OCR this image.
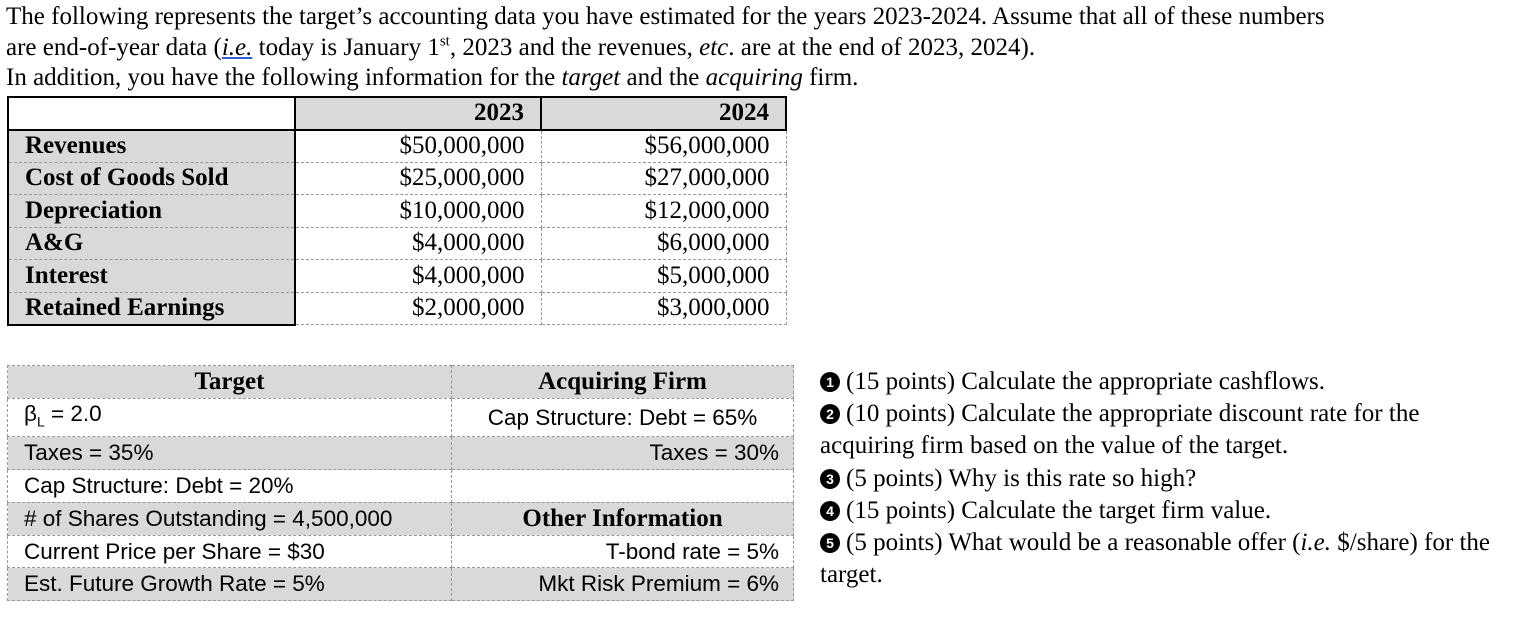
The following represents the target’s accounting data you have estimated for the years 2023-2024. Assume that all of these numbers
are end-of-year data (i.e. today is January 1st, 2023 and the revenues, etc. are at the end of 2023, 2024).
In addition, you have the following information for the target and the acquiring firm.
	2023	2024
Revenues	$50,000,000	$56,000,000
Cost of Goods Sold	$25,000,000	$27,000,000
Depreciation	$10,000,000	$12,000,000
A&G	$4,000,000	$6,000,000
Interest	$4,000,000	$5,000,000
Retained Earnings	$2,000,000	$3,000,000
Target	Acquiring Firm
$\beta_L = 2.0$	Cap Structure: Debt = 65%
Taxes = 35%	Taxes = 30%
Cap Structure: Debt = 20%	
# of Shares Outstanding = 4,500,000	Other Information
Current Price per Share = $30	T-bond rate = 5%
Est. Future Growth Rate = 5%	Mkt Risk Premium = 6%
1 (15 points) Calculate the appropriate cashflows.
2 (10 points) Calculate the appropriate discount rate for the acquiring firm based on the value of the target.
3 (5 points) Why is this rate so high?
4 (15 points) Calculate the target firm value.
5 (5 points) What would be a reasonable offer (i.e. $/share) for the target.
